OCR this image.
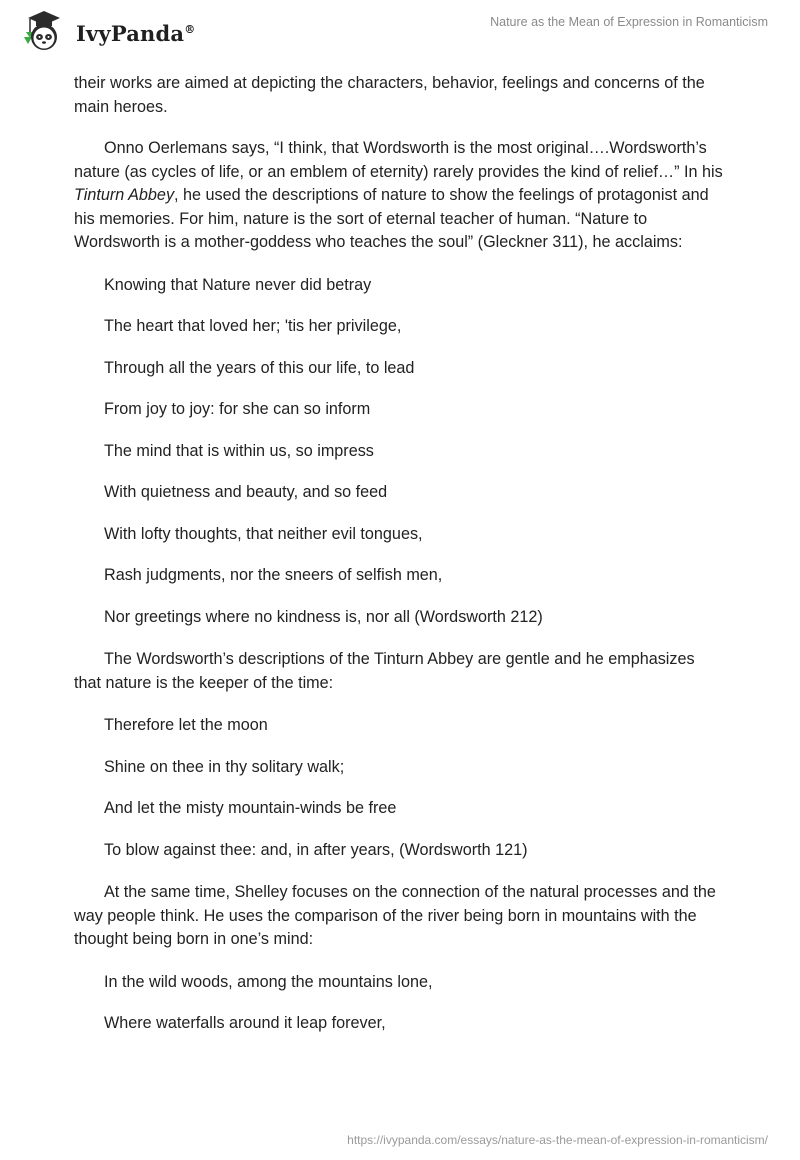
IvyPanda®	Nature as the Mean of Expression in Romanticism

their works are aimed at depicting the characters, behavior, feelings and concerns of the main heroes.

Onno Oerlemans says, “I think, that Wordsworth is the most original….Wordsworth’s nature (as cycles of life, or an emblem of eternity) rarely provides the kind of relief…” In his Tinturn Abbey, he used the descriptions of nature to show the feelings of protagonist and his memories. For him, nature is the sort of eternal teacher of human. “Nature to Wordsworth is a mother-goddess who teaches the soul” (Gleckner 311), he acclaims:

Knowing that Nature never did betray

The heart that loved her; 'tis her privilege,

Through all the years of this our life, to lead

From joy to joy: for she can so inform

The mind that is within us, so impress

With quietness and beauty, and so feed

With lofty thoughts, that neither evil tongues,

Rash judgments, nor the sneers of selfish men,

Nor greetings where no kindness is, nor all (Wordsworth 212)

The Wordsworth’s descriptions of the Tinturn Abbey are gentle and he emphasizes that nature is the keeper of the time:

Therefore let the moon

Shine on thee in thy solitary walk;

And let the misty mountain-winds be free

To blow against thee: and, in after years, (Wordsworth 121)

At the same time, Shelley focuses on the connection of the natural processes and the way people think. He uses the comparison of the river being born in mountains with the thought being born in one’s mind:

In the wild woods, among the mountains lone,

Where waterfalls around it leap forever,

https://ivypanda.com/essays/nature-as-the-mean-of-expression-in-romanticism/
